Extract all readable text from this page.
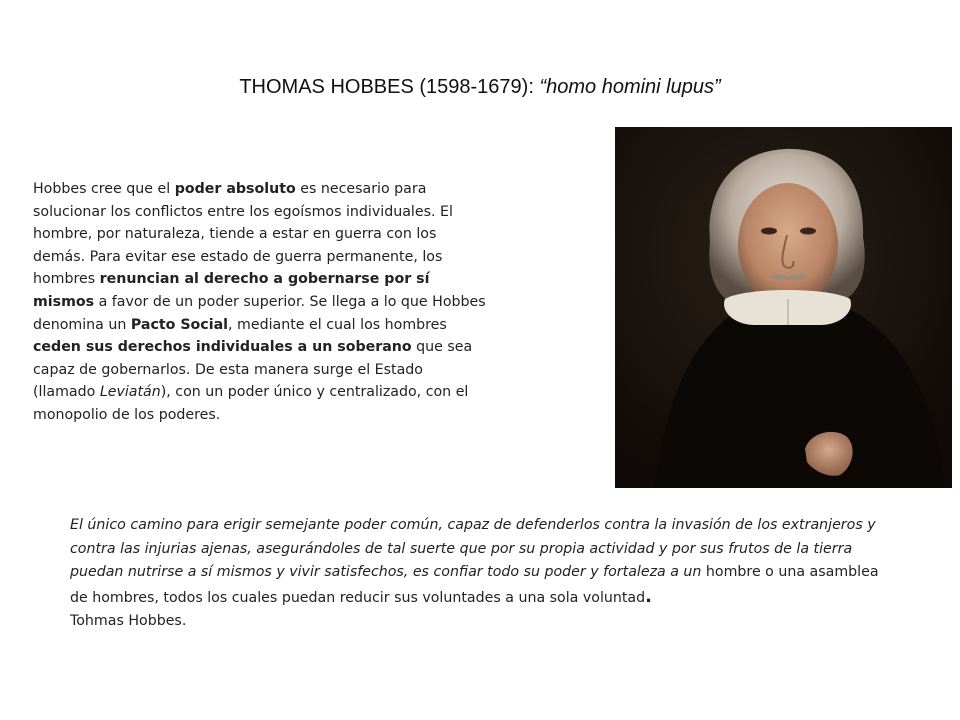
THOMAS HOBBES (1598-1679): “homo homini lupus”
Hobbes cree que el poder absoluto es necesario para solucionar los conflictos entre los egoísmos individuales. El hombre, por naturaleza, tiende a estar en guerra con los demás. Para evitar ese estado de guerra permanente, los hombres renuncian al derecho a gobernarse por sí mismos a favor de un poder superior. Se llega a lo que Hobbes denomina un Pacto Social, mediante el cual los hombres ceden sus derechos individuales a un soberano que sea capaz de gobernarlos. De esta manera surge el Estado (llamado Leviatán), con un poder único y centralizado, con el monopolio de los poderes.
El único camino para erigir semejante poder común, capaz de defenderlos contra la invasión de los extranjeros y contra las injurias ajenas, asegurándoles de tal suerte que por su propia actividad y por sus frutos de la tierra puedan nutrirse a sí mismos y vivir satisfechos, es confiar todo su poder y fortaleza a un hombre o una asamblea de hombres, todos los cuales puedan reducir sus voluntades a una sola voluntad.
Tohmas Hobbes.
